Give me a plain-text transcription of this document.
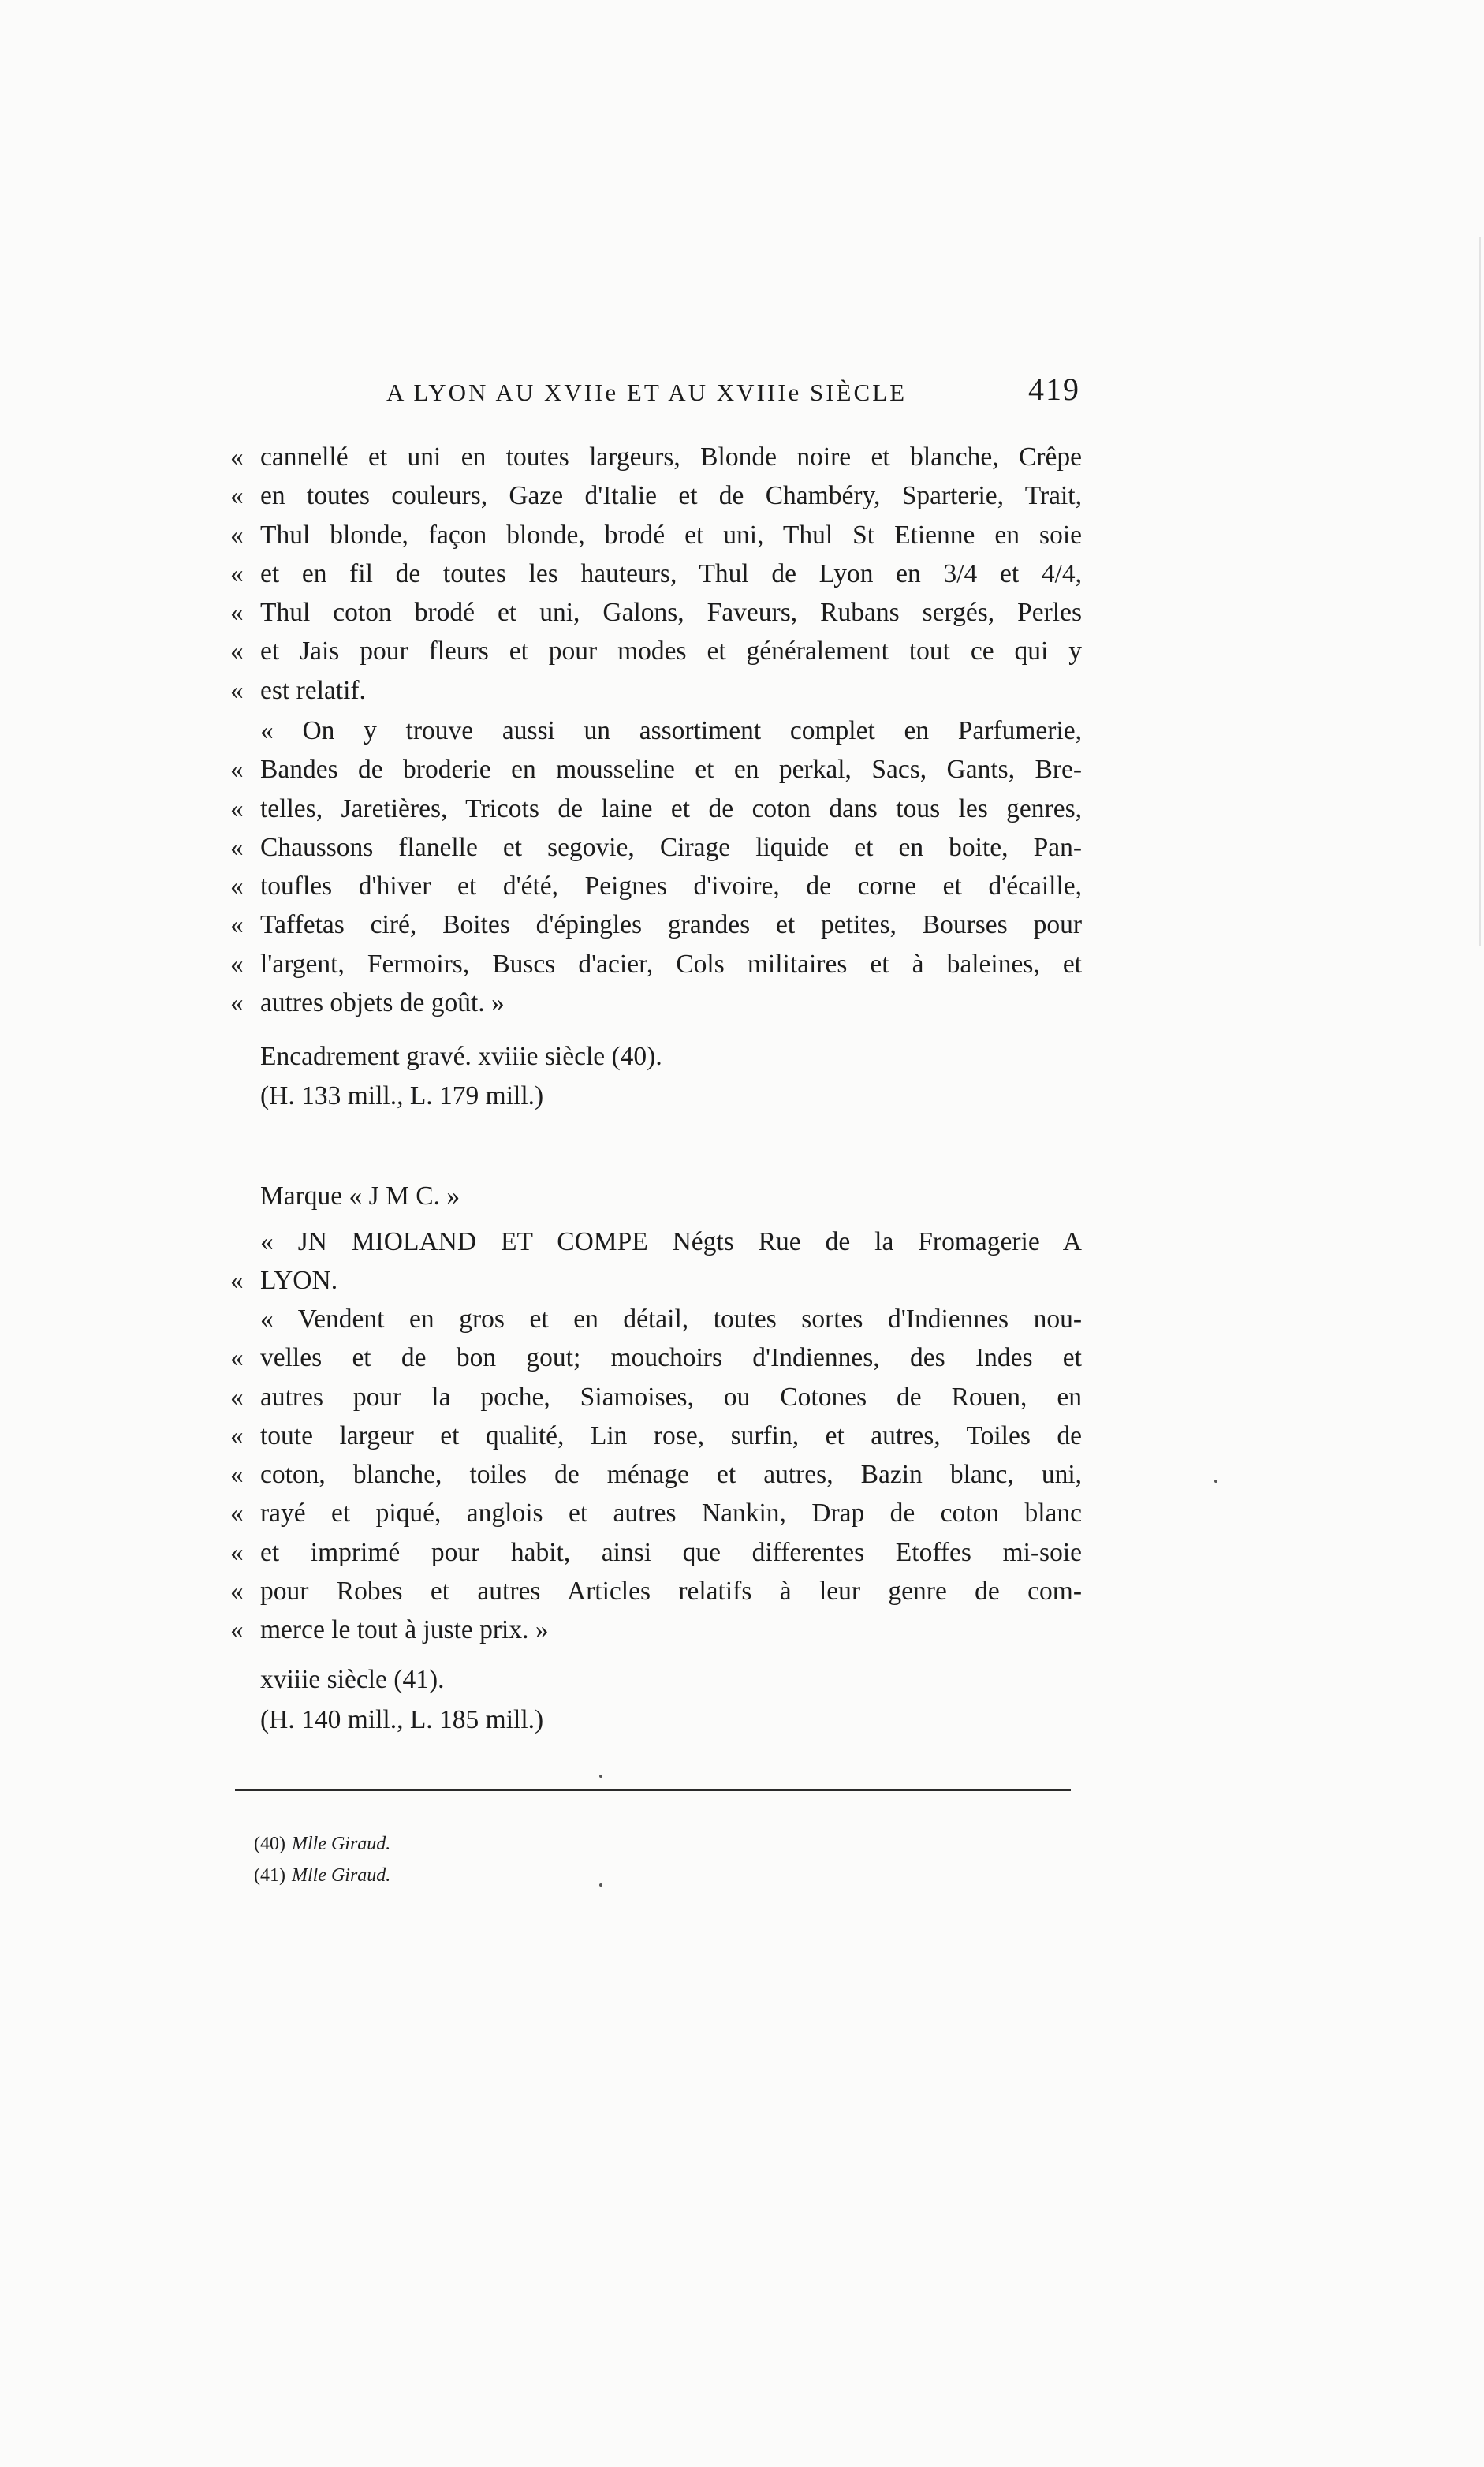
A LYON AU XVIIe ET AU XVIIIe SIÈCLE	419
« cannellé et uni en toutes largeurs, Blonde noire et blanche, Crêpe
« en toutes couleurs, Gaze d'Italie et de Chambéry, Sparterie, Trait,
« Thul blonde, façon blonde, brodé et uni, Thul St Etienne en soie
« et en fil de toutes les hauteurs, Thul de Lyon en 3/4 et 4/4,
« Thul coton brodé et uni, Galons, Faveurs, Rubans sergés, Perles
« et Jais pour fleurs et pour modes et généralement tout ce qui y
« est relatif.
« On y trouve aussi un assortiment complet en Parfumerie,
« Bandes de broderie en mousseline et en perkal, Sacs, Gants, Bre-
« telles, Jaretières, Tricots de laine et de coton dans tous les genres,
« Chaussons flanelle et segovie, Cirage liquide et en boite, Pan-
« toufles d'hiver et d'été, Peignes d'ivoire, de corne et d'écaille,
« Taffetas ciré, Boites d'épingles grandes et petites, Bourses pour
« l'argent, Fermoirs, Buscs d'acier, Cols militaires et à baleines, et
« autres objets de goût. »
Encadrement gravé. xviiie siècle (40).
(H. 133 mill., L. 179 mill.)
Marque « J M C. »
« JN MIOLAND ET COMPE Négts Rue de la Fromagerie A
« LYON.
« Vendent en gros et en détail, toutes sortes d'Indiennes nou-
« velles et de bon gout; mouchoirs d'Indiennes, des Indes et
« autres pour la poche, Siamoises, ou Cotones de Rouen, en
« toute largeur et qualité, Lin rose, surfin, et autres, Toiles de
« coton, blanche, toiles de ménage et autres, Bazin blanc, uni,
« rayé et piqué, anglois et autres Nankin, Drap de coton blanc
« et imprimé pour habit, ainsi que differentes Etoffes mi-soie
« pour Robes et autres Articles relatifs à leur genre de com-
« merce le tout à juste prix. »
xviiie siècle (41).
(H. 140 mill., L. 185 mill.)
(40) Mlle Giraud.
(41) Mlle Giraud.
